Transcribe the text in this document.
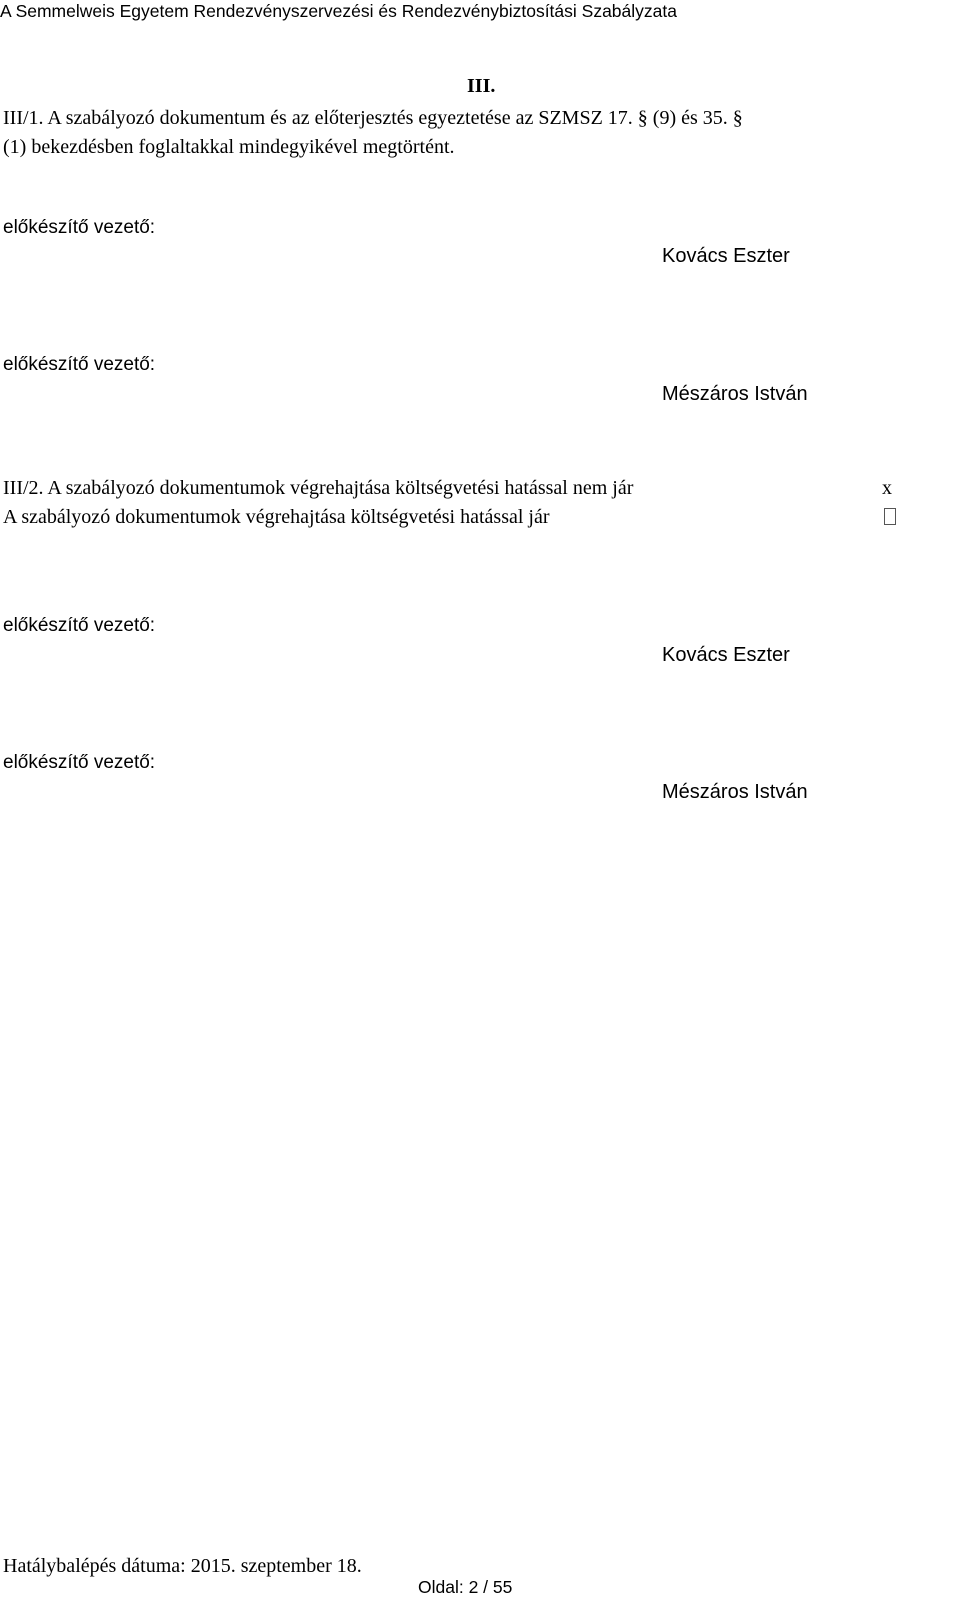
A Semmelweis Egyetem Rendezvényszervezési és Rendezvénybiztosítási Szabályzata
III.
III/1. A szabályozó dokumentum és az előterjesztés egyeztetése az SZMSZ 17. § (9) és 35. §
(1) bekezdésben foglaltakkal mindegyikével megtörtént.
előkészítő vezető:
Kovács Eszter
előkészítő vezető:
Mészáros István
III/2. A szabályozó dokumentumok végrehajtása költségvetési hatással nem jár	x
A szabályozó dokumentumok végrehajtása költségvetési hatással jár
előkészítő vezető:
Kovács Eszter
előkészítő vezető:
Mészáros István
Hatálybalépés dátuma: 2015. szeptember 18.
Oldal: 2 / 55
